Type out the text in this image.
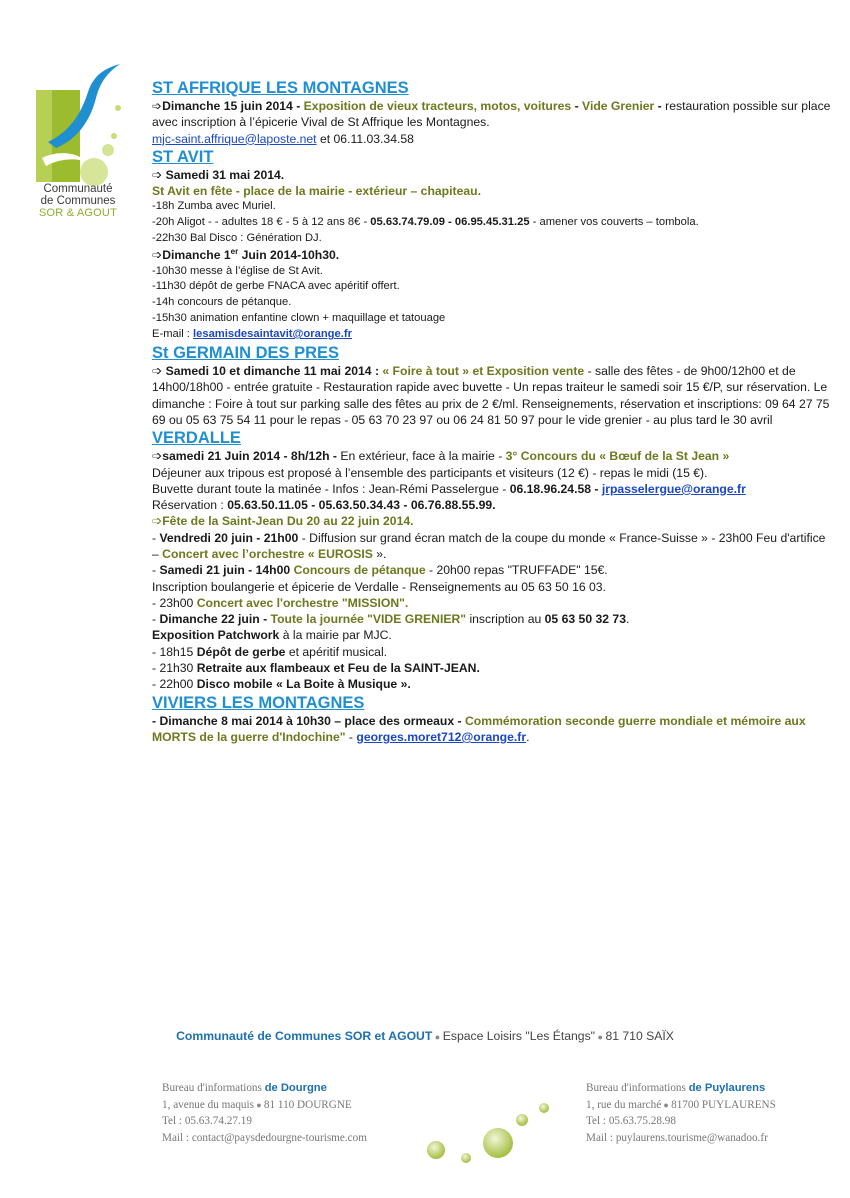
Communauté
de Communes
SOR & AGOUT
ST AFFRIQUE LES MONTAGNES

➩Dimanche 15 juin 2014 - Exposition de vieux tracteurs, motos, voitures - Vide Grenier - restauration possible sur place avec inscription à l’épicerie Vival de St Affrique les Montagnes.

mjc-saint.affrique@laposte.net et 06.11.03.34.58

ST AVIT

➩ Samedi 31 mai 2014.

St Avit en fête - place de la mairie - extérieur – chapiteau.

-18h Zumba avec Muriel.

-20h Aligot - - adultes 18 € - 5 à 12 ans 8€ - 05.63.74.79.09 - 06.95.45.31.25 - amener vos couverts – tombola.

-22h30 Bal Disco : Génération DJ.

➩Dimanche 1er Juin 2014-10h30.

-10h30 messe à l’église de St Avit.

-11h30 dépôt de gerbe FNACA avec apéritif offert.

-14h concours de pétanque.

-15h30 animation enfantine clown + maquillage et tatouage

E-mail : lesamisdesaintavit@orange.fr

St GERMAIN DES PRES

➩ Samedi 10 et dimanche 11 mai 2014 : « Foire à tout » et Exposition vente - salle des fêtes - de 9h00/12h00 et de 14h00/18h00 - entrée gratuite - Restauration rapide avec buvette - Un repas traiteur le samedi soir 15 €/P, sur réservation. Le dimanche : Foire à tout sur parking salle des fêtes au prix de 2 €/ml. Renseignements, réservation et inscriptions: 09 64 27 75 69 ou 05 63 75 54 11 pour le repas - 05 63 70 23 97 ou 06 24 81 50 97 pour le vide grenier - au plus tard le 30 avril

VERDALLE

➩samedi 21 Juin 2014 - 8h/12h - En extérieur, face à la mairie - 3° Concours du « Bœuf de la St Jean »

Déjeuner aux tripous est proposé à l’ensemble des participants et visiteurs (12 €) - repas le midi (15 €).

Buvette durant toute la matinée - Infos : Jean-Rémi Passelergue - 06.18.96.24.58 - jrpasselergue@orange.fr

Réservation : 05.63.50.11.05 - 05.63.50.34.43 - 06.76.88.55.99.

➩Fête de la Saint-Jean Du 20 au 22 juin 2014.

- Vendredi 20 juin - 21h00 - Diffusion sur grand écran match de la coupe du monde « France-Suisse » - 23h00 Feu d'artifice – Concert avec l’orchestre « EUROSIS ».

- Samedi 21 juin - 14h00 Concours de pétanque - 20h00 repas "TRUFFADE" 15€.

Inscription boulangerie et épicerie de Verdalle - Renseignements au 05 63 50 16 03.

- 23h00 Concert avec l'orchestre "MISSION".

- Dimanche 22 juin - Toute la journée "VIDE GRENIER" inscription au 05 63 50 32 73.

Exposition Patchwork à la mairie par MJC.

- 18h15 Dépôt de gerbe et apéritif musical.

- 21h30 Retraite aux flambeaux et Feu de la SAINT-JEAN.

- 22h00 Disco mobile « La Boite à Musique ».

VIVIERS LES MONTAGNES

- Dimanche 8 mai 2014 à 10h30 – place des ormeaux - Commémoration seconde guerre mondiale et mémoire aux MORTS de la guerre d'Indochine" - georges.moret712@orange.fr.

Communauté de Communes SOR et AGOUT ● Espace Loisirs "Les Étangs" ● 81 710 SAÏX
Bureau d'informations de Dourgne
1, avenue du maquis ● 81 110 DOURGNE
Tel : 05.63.74.27.19
Mail : contact@paysdedourgne-tourisme.com
Bureau d'informations de Puylaurens
1, rue du marché ● 81700 PUYLAURENS
Tel : 05.63.75.28.98
Mail : puylaurens.tourisme@wanadoo.fr
